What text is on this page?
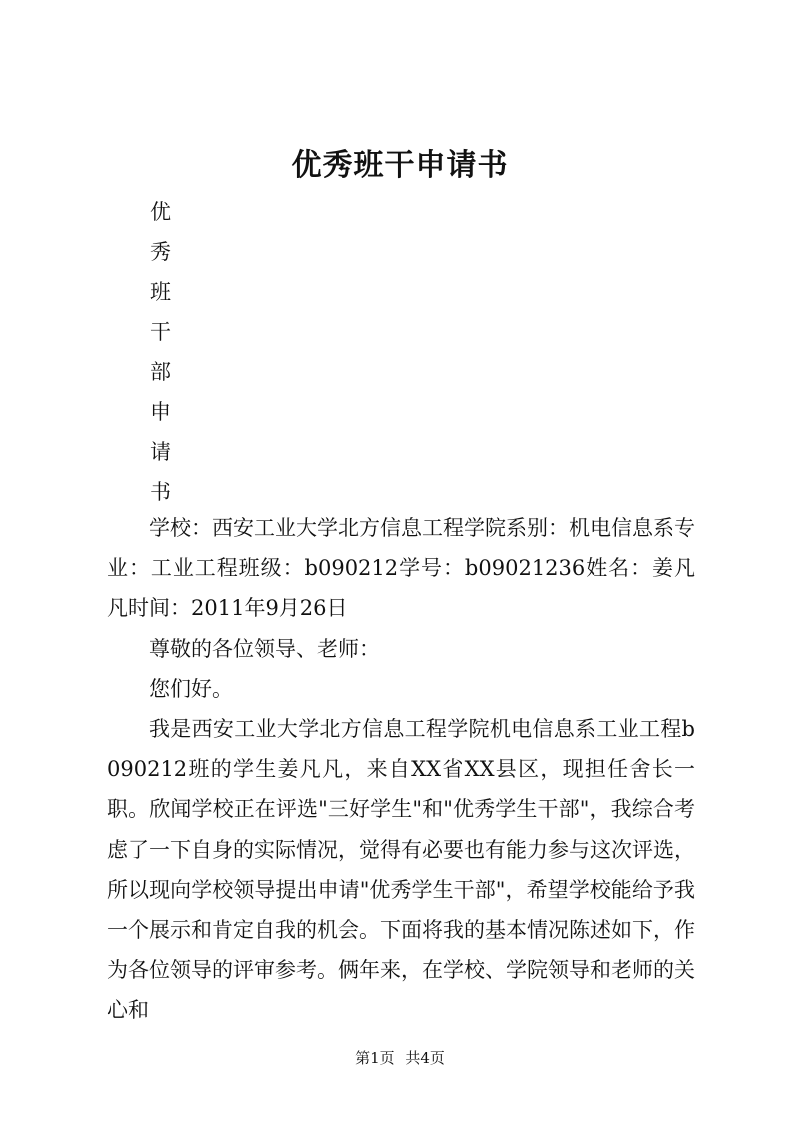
优秀班干申请书
优
秀
班
干
部
申
请
书

学校：西安工业大学北方信息工程学院系别：机电信息系专业：工业工程班级：b090212学号：b09021236姓名：姜凡凡时间：2011年9月26日

尊敬的各位领导、老师：

您们好。

我是西安工业大学北方信息工程学院机电信息系工业工程b090212班的学生姜凡凡，来自XX省XX县区，现担任舍长一职。欣闻学校正在评选"三好学生"和"优秀学生干部"，我综合考虑了一下自身的实际情况，觉得有必要也有能力参与这次评选，所以现向学校领导提出申请"优秀学生干部"，希望学校能给予我一个展示和肯定自我的机会。下面将我的基本情况陈述如下，作为各位领导的评审参考。俩年来，在学校、学院领导和老师的关心和

第1页 共4页
